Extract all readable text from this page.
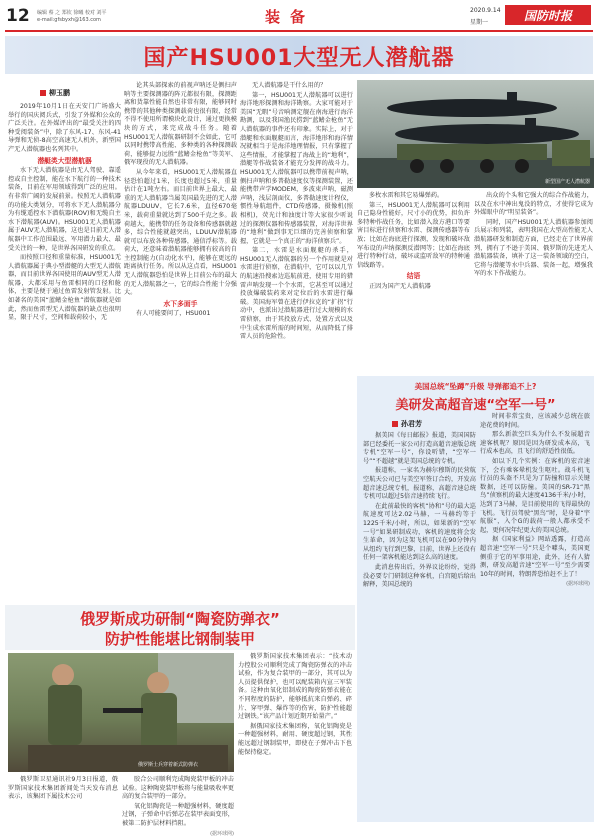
12 编辑 蔡 之 郑钦 徐曦 校对 刘平
e-mail:gfsbyxh@163.com	装备	2020.9.14
星期一	国防时报
国产HSU001大型无人潜航器
柳玉鹏

2019年10月1日在天安门广场盛大举行的国庆阅兵式，引发了外媒和公众的广泛关注。在外媒评出的“最受关注的四种受阅装备”中，除了东风-17、东风-41导弹和无侦-8高空高速无人机外，新型国产无人潜航器也名列其中。

潜艇类大型潜航器

水下无人潜航器是由无人驾驶、靠遥控或自主控制，能在水下航行的一种技术装备，目前在军用领域得到广泛的应用。有非常广阔的发展前景。按照无人潜航器的功能大类划分，可将水下无人潜航器分为有缆遥控水下潜航器(ROV)和无缆自主水下潜航器(AUV)。HSU001无人潜航器属于AUV无人潜航器，这也是目前无人潜航器中工作范围最远、军用潜力最大、最受关注的一种，是世界各国研发的重点。

而按照口径和重量标准，HSU001无人潜航器属于典小型潜艇的大型无人潜航器，而目前世界各国使用的AUV型无人潜航器，大都采用与鱼雷相同的口径和舱体，主要是便于通过鱼雷发射管发射。比如著名的美国“蓝鳍金枪鱼”潜航器就是如此，然而鱼雷型无人潜航器的缺点也很明显，限于尺寸，空间和载荷较小，无

论其头部探索的前视声呐还是侧扫声呐等主要探测器的阵元都很有限，探测距离和货靠性能自然也非常有限，能够同时携带的其他种类探测载荷也很有限，经常不得不使用所谓模块化设计，通过更换模块的方式，来完成战斗任务。随着HSU001无人潜航器研制不会如此，它可以同时携带高性能、多种类的各种探测载荷，能够提力远胜“蓝鳍金枪鱼”等美军、俄军现役的无人潜航器。

从今年来看，HSU001无人潜航器直径恐怕超过1米，长度也超过5米，重量估计在1吨左右。而目前世界上最大、最重的无人潜航器当属美国最先进的无人潜航器LDUUV，它长7.6米，直径670毫米，载荷重量就达到了500千克之多。载荷越大，能携带的任务设备和传感器就越多，综合性能就越突出，LDUUV潜航器就可以布放各种传感器，通信浮标等。载荷大，还意味着潜航器能够拥有较高的自主控制能力(自动化水平)，能够在更远的距离执行任务。所以从这点看，HSU001无人潜航器恐怕是世界上目前公布的最大的无人潜航器之一，它的综合性能十分强大。

水下多面手

有人可能要问了，HSU001

无人潜航器是干什么用的？

第一，HSU001无人潜航器可以进行海洋地形探测和海洋勘察。大家可能对于美国“无暇”号音响测定舰在南海进行海洋勘测，以及我国渔民捞到“蓝鳍金枪鱼”无人潜航器的事件还有印象。实际上，对于潜艇和水面舰艇而言，海洋地形和海洋情况就相当于是海洋地理情报，只有掌握了这些情报，才能掌握了海战上的“地利”，潜艇等作战装备才能充分发挥的战斗力。HSU001无人潜航器可以携带前视声呐，侧扫声呐和多普勒速度仪等探测装置，还能携带声学MODEM，多波束声呐，磁测声呐，浅层剖面仪，多普勒速度计程仪，惯性导航组件，CTD传感器，摄像机(照相机)，荧光计和浊度计等大家很少听说过的探测仪器和传感器装置，对海洋世界的“地利”做到事无巨细的完善侦察和掌握，它就是一个真正的“海洋侦察兵”。

第二，水雷是水面舰艇的杀手，HSU001无人潜航器的另一个作用就是对水雷进行侦察，在潜航中，它可以以几节的航速沿搜索边巡航前进，使用专用的猎雷声呐发现一个个水雷，它甚至可以通过投放爆破装药来对定位后的水雷进行爆破。美国海军曾在进行伊拉克的“扩拐”行动中，也派出过潜航器进行过大规模的水雷侦察，由于其投放方式、处置方式以及中生成水雷所需的时间短，从而降低了排雷人员的危险性。

新型国产无人潜航器

多枚水雷和其它易爆弹药。

第三，HSU001无人潜航器可以利用自己隐身性能好，尺寸小的优势，担负许多特种作战任务，比如潜入敌方港口等要害目标进行侦察和水雷、探测传感器等布放；比如在海底进行探测，发现和破坏敌军布设的声纳探测反潜网等；比如在海底进行特种行动，破坏或监听敌军的特种通信线路等。

结语

正因为国产无人潜航器

出众的个头和它强大的综合作战能力，以及在水中神出鬼没的特点，才使得它成为外媒眼中的“明星装备”。

同时，国产HSU001无人潜航器参加阅兵展示和列装，表明我国在大型高性能无人潜航器研发和制造方面，已经走在了世界前列，拥有了不逊于美国、俄罗斯的先进无人潜航器装备，填补了这一装备领域的空白，它将与潜艇等水中兵器、装备一起，增强我军的水下作战能力。

美国总统“坠蹲”升级 导弹都追不上?
美研发高超音速“空军一号”
孙君芳

据美国《每日邮报》报道，美国国防部已经委托一家公司打造高超音速版总统专机“空军一号”，你设听错，“空军一号”“不超越”就是美国总统的专机。

报道称，一家名为赫尔穆斯的民营航空航天公司已与美空军签订合约，开发高超音速总统专机，报道称，高超音速总统专机可以超过5倍音速持续飞行。

在此前最快的客机“协和”号的最大巡航速度可达2.02马赫，一马赫约等于1225千米/小时，所以，如果新的“空军一号”如果研制成功，客机的速度将会发生革命，因为这架飞机可以在90分钟内从纽约飞行到巴黎，目前，世界上还没有任何一架客机能达到这么高的速度。

此消息传出后，外界议论纷纷，觉得没必要专门研制这种客机，白宫随后给出解释，美国总统的

时间非常宝贵，应该减少总统在旅途花费的时间。

那么新款空巨头为什么不发展超音速客机呢？原因是因为研发成本高，飞行成本也高，且飞行的舒适性很低。

如以下几个实例：在客机的宏音速下，会有乘客晕机发生呕吐。战斗机飞行员的头盔不只是为了防撞和显示关键数据，还可以防撞。美国的SR-71“黑鸟”侦察机的最大速度4136千米/小时，达到了3马赫，是目前使用的飞得最快的飞机。飞行员驾驶“黑鸟”时，是身着“宇航服”，入个G的载荷一般人都承受不起，更何况年纪更大的美国总统。

据《国家利益》网站透露，打造高超音速“空军一号”只是个噱头，美国更侧重于它的军事用途，此外，还有人猜测，研发高超音速“空军一号”至少需要10年的时间，特朗普恐怕赶不上了！

(据环球网)

俄罗斯成功研制“陶瓷防弹衣”
防护性能堪比钢制装甲
俄罗斯士兵穿着新式防弹衣

俄罗斯卫星通讯社9月3日报道，俄罗斯国家技术集团新闻处当天发布消息表示，该集团下属技术公司

胶合公司顺利完成陶瓷装甲板的冲击试验。这种陶瓷装甲板将与能量吸收率更高的复合装甲的一部分。

氧化铝陶瓷是一种超强材料，硬度超过钢，子弹命中后弹芯在装甲表面变形，被第二防护层材料挡阻。

(据环球网)

俄罗斯国家技术集团表示：“技术动力控股公司顺利完成了陶瓷防弹衣的冲击试验，作为复合装甲的一部分，其可以为人员提供保护，也可以配装箱内宣三军装备。这种由氧化铝制成的陶瓷防弹衣能在不同程度的防护，能够抵抗来自弹药、碎片、穿甲弹、爆炸等的伤害，防护性能超过钢铁。”该产品计划近期开始量产。”

据俄国家技术集团称，氧化铝陶瓷是一种超强材料，耐用、硬度超过钢，其性能远超过钢制装甲，即使在子弹冲击下也能保持稳定。
